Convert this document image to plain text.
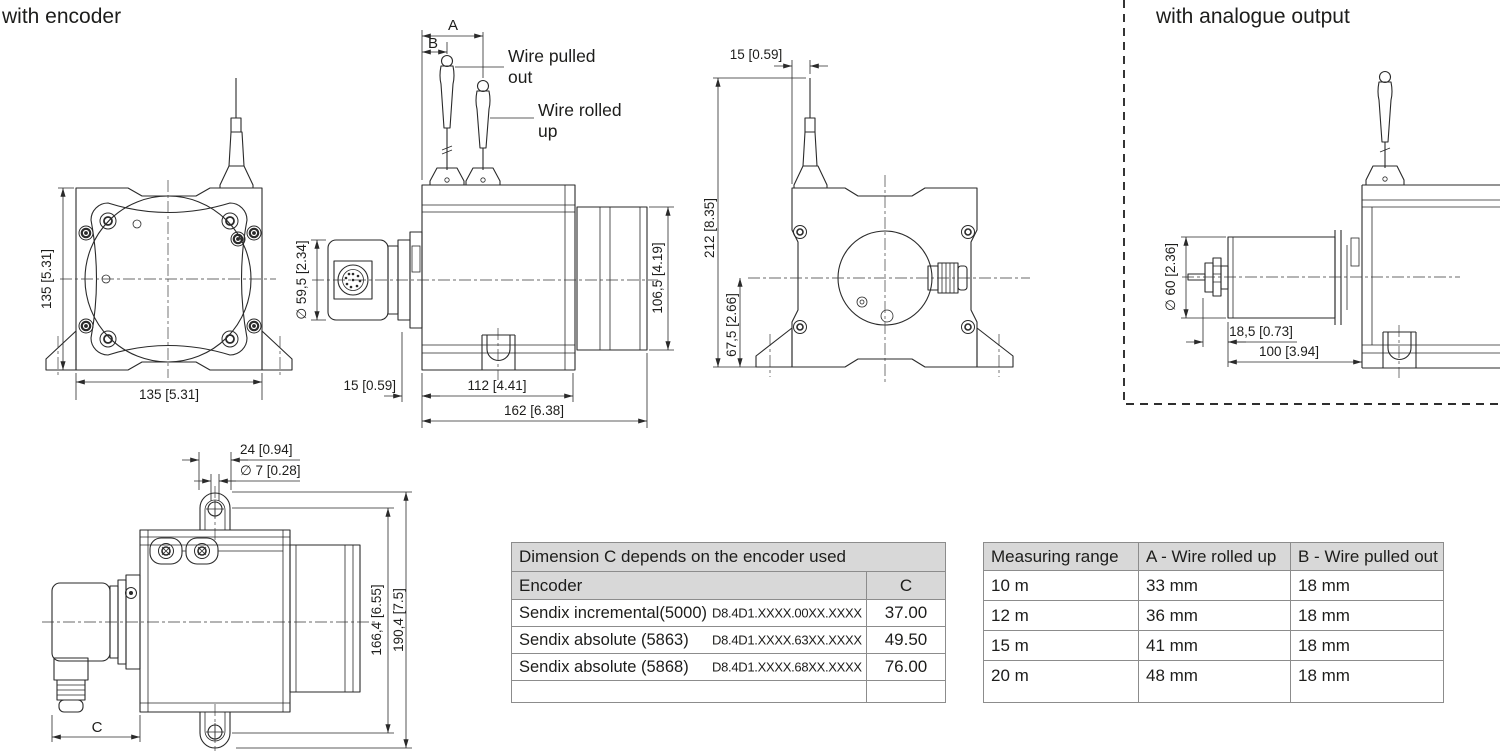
with encoder	with analogue output
Wire pulled out
Wire rolled up
135 [5.31]
135 [5.31]
A
B
∅ 59,5 [2.34]
15 [0.59]	112 [4.41]
162 [6.38]
106,5 [4.19]
15 [0.59]
212 [8.35]
67,5 [2.66]
∅ 60 [2.36]
18,5 [0.73]
100 [3.94]
24 [0.94]
∅ 7 [0.28]
166,4 [6.55] 190,4 [7.5]
C
Dimension C depends on the encoder used	
Encoder	C
Sendix incremental(5000) D8.4D1.XXXX.00XX.XXXX	37.00
Sendix absolute (5863) D8.4D1.XXXX.63XX.XXXX	49.50
Sendix absolute (5868) D8.4D1.XXXX.68XX.XXXX	76.00

Measuring range	A - Wire rolled up	B - Wire pulled out
10 m	33 mm	18 mm
12 m	36 mm	18 mm
15 m	41 mm	18 mm
20 m	48 mm	18 mm
